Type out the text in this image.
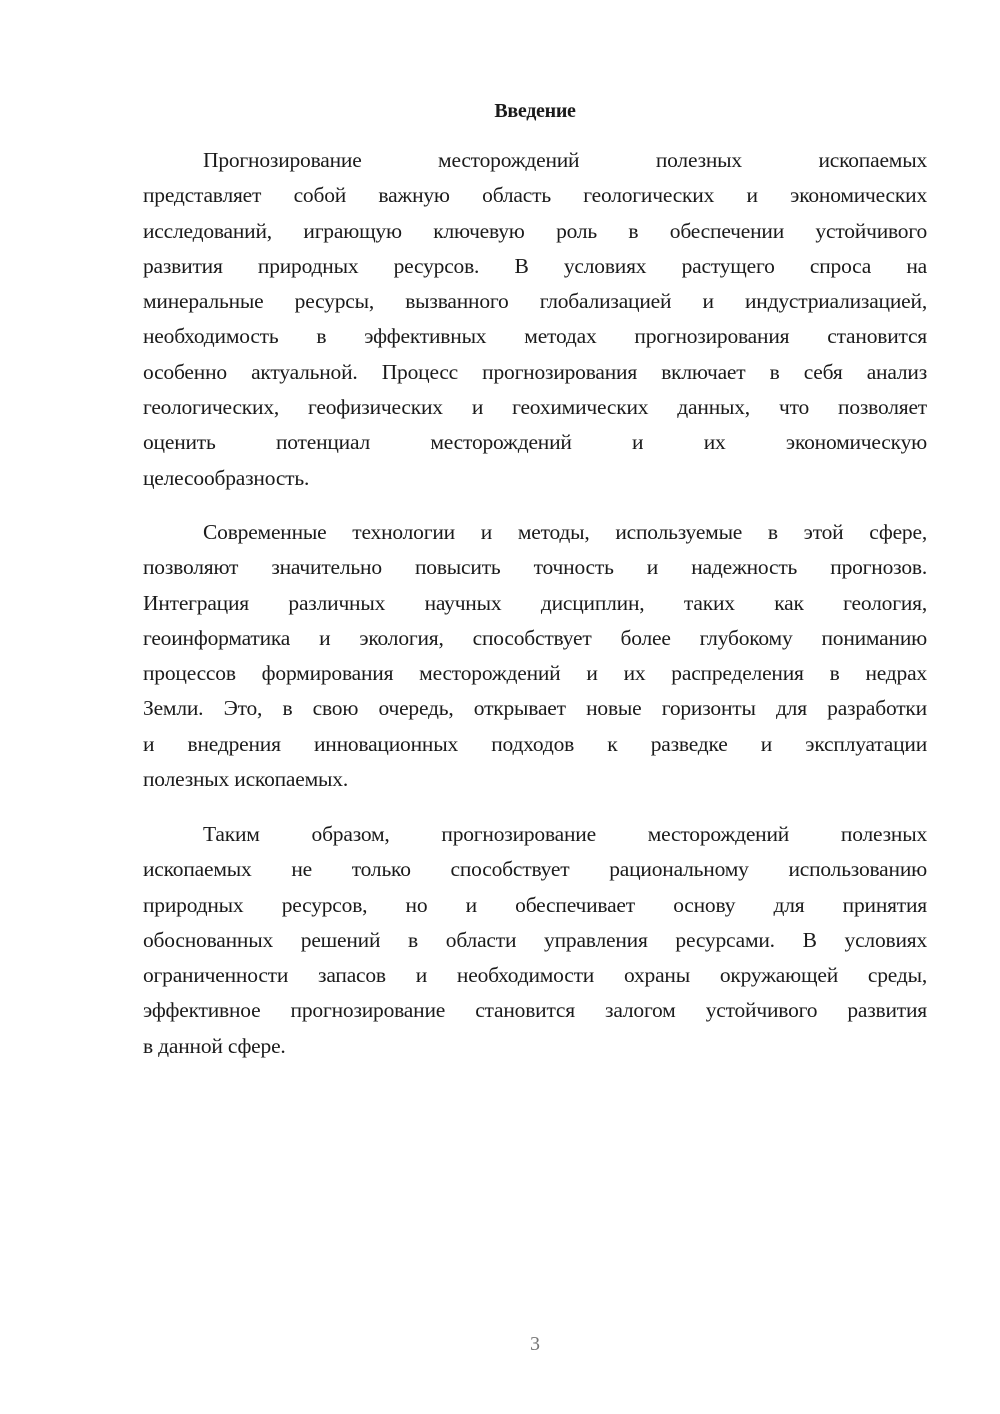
Введение
Прогнозирование месторождений полезных ископаемых
представляет собой важную область геологических и экономических
исследований, играющую ключевую роль в обеспечении устойчивого
развития природных ресурсов. В условиях растущего спроса на
минеральные ресурсы, вызванного глобализацией и индустриализацией,
необходимость в эффективных методах прогнозирования становится
особенно актуальной. Процесс прогнозирования включает в себя анализ
геологических, геофизических и геохимических данных, что позволяет
оценить потенциал месторождений и их экономическую
целесообразность.
Современные технологии и методы, используемые в этой сфере,
позволяют значительно повысить точность и надежность прогнозов.
Интеграция различных научных дисциплин, таких как геология,
геоинформатика и экология, способствует более глубокому пониманию
процессов формирования месторождений и их распределения в недрах
Земли. Это, в свою очередь, открывает новые горизонты для разработки
и внедрения инновационных подходов к разведке и эксплуатации
полезных ископаемых.
Таким образом, прогнозирование месторождений полезных
ископаемых не только способствует рациональному использованию
природных ресурсов, но и обеспечивает основу для принятия
обоснованных решений в области управления ресурсами. В условиях
ограниченности запасов и необходимости охраны окружающей среды,
эффективное прогнозирование становится залогом устойчивого развития
в данной сфере.
3
